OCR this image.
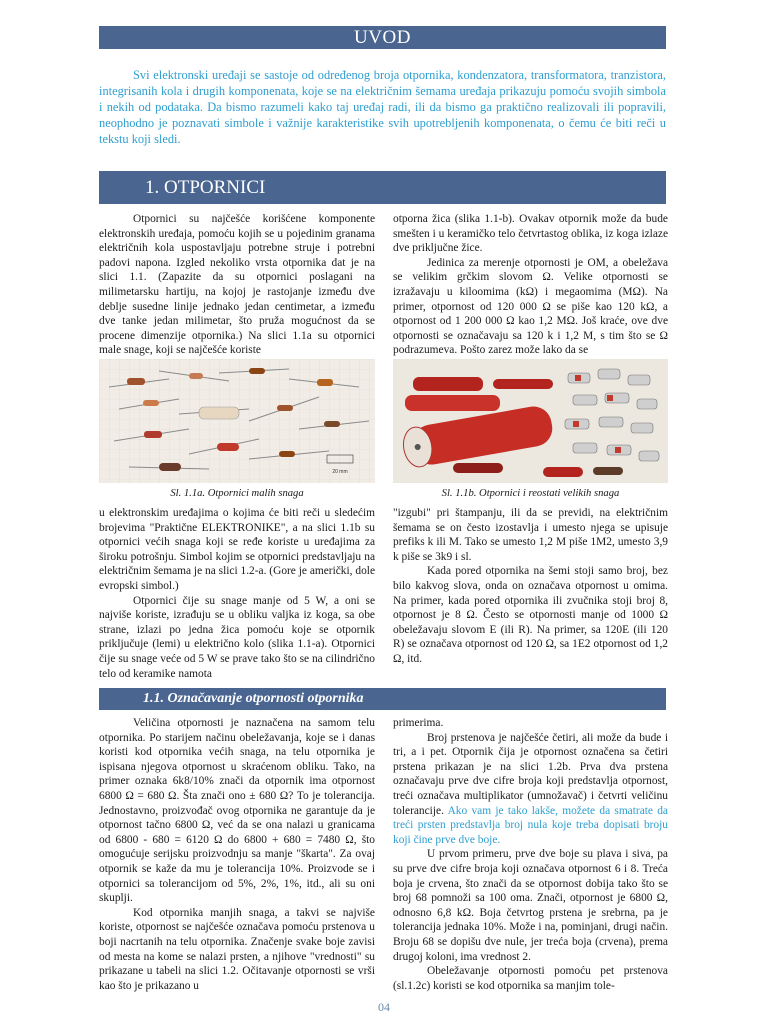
UVOD
Svi elektronski uređaji se sastoje od određenog broja otpornika, kondenzatora, transformatora, tranzistora, integrisanih kola i drugih komponenata, koje se na električnim šemama uređaja prikazuju pomoću svojih simbola i nekih od podataka. Da bismo razumeli kako taj uređaj radi, ili da bismo ga praktično realizovali ili popravili, neophodno je poznavati simbole i važnije karakteristike svih upotrebljenih komponenata, o čemu će biti reči u tekstu koji sledi.
1. OTPORNICI

Otpornici su najčešće korišćene komponente elektronskih uređaja, pomoću kojih se u pojedinim granama električnih kola uspostavljaju potrebne struje i potrebni padovi napona. Izgled nekoliko vrsta otpornika dat je na slici 1.1. (Zapazite da su otpornici poslagani na milimetarsku hartiju, na kojoj je rastojanje između dve deblje susedne linije jednako jedan centimetar, a između dve tanke jedan milimetar, što pruža mogućnost da se procene dimenzije otpornika.) Na slici 1.1a su otpornici male snage, koji se najčešće koriste

otporna žica (slika 1.1-b). Ovakav otpornik može da bude smešten i u keramičko telo četvrtastog oblika, iz koga izlaze dve priključne žice.

Jedinica za merenje otpornosti je OM, a obeležava se velikim grčkim slovom Ω. Velike otpornosti se izražavaju u kiloomima (kΩ) i megaomima (MΩ). Na primer, otpornost od 120 000 Ω se piše kao 120 kΩ, a otpornost od 1 200 000 Ω kao 1,2 MΩ. Još kraće, ove dve otpornosti se označavaju sa 120 k i 1,2 M, s tim što se Ω podrazumeva. Pošto zarez može lako da se

20 mm
Sl. 1.1a. Otpornici malih snaga	Sl. 1.1b. Otpornici i reostati velikih snaga

u elektronskim uređajima o kojima će biti reči u sledećim brojevima "Praktične ELEKTRONIKE", a na slici 1.1b su otpornici većih snaga koji se ređe koriste u uređajima za široku potrošnju. Simbol kojim se otpornici predstavljaju na električnim šemama je na slici 1.2-a. (Gore je američki, dole evropski simbol.)

Otpornici čije su snage manje od 5 W, a oni se najviše koriste, izrađuju se u obliku valjka iz koga, sa obe strane, izlazi po jedna žica pomoću koje se otpornik priključuje (lemi) u električno kolo (slika 1.1-a). Otpornici čije su snage veće od 5 W se prave tako što se na cilindrično telo od keramike namota

"izgubi" pri štampanju, ili da se previdi, na električnim šemama se on često izostavlja i umesto njega se upisuje prefiks k ili M. Tako se umesto 1,2 M piše 1M2, umesto 3,9 k piše se 3k9 i sl.

Kada pored otpornika na šemi stoji samo broj, bez bilo kakvog slova, onda on označava otpornost u omima. Na primer, kada pored otpornika ili zvučnika stoji broj 8, otpornost je 8 Ω. Često se otpornosti manje od 1000 Ω obeležavaju slovom E (ili R). Na primer, sa 120E (ili 120 R) se označava otpornost od 120 Ω, sa 1E2 otpornost od 1,2 Ω, itd.

1.1. Označavanje otpornosti otpornika

Veličina otpornosti je naznačena na samom telu otpornika. Po starijem načinu obeležavanja, koje se i danas koristi kod otpornika većih snaga, na telu otpornika je ispisana njegova otpornost u skraćenom obliku. Tako, na primer oznaka 6k8/10% znači da otpornik ima otpornost 6800 Ω = 680 Ω. Šta znači ono ± 680 Ω? To je tolerancija. Jednostavno, proizvođač ovog otpornika ne garantuje da je otpornost tačno 6800 Ω, već da se ona nalazi u granicama od 6800 - 680 = 6120 Ω do 6800 + 680 = 7480 Ω, što omogućuje serijsku proizvodnju sa manje "škarta". Za ovaj otpornik se kaže da mu je tolerancija 10%. Proizvode se i otpornici sa tolerancijom od 5%, 2%, 1%, itd., ali su oni skuplji.

Kod otpornika manjih snaga, a takvi se najviše koriste, otpornost se najčešće označava pomoću prstenova u boji nacrtanih na telu otpornika. Značenje svake boje zavisi od mesta na kome se nalazi prsten, a njihove "vrednosti" su prikazane u tabeli na slici 1.2. Očitavanje otpornosti se vrši kao što je prikazano u

primerima.

Broj prstenova je najčešće četiri, ali može da bude i tri, a i pet. Otpornik čija je otpornost označena sa četiri prstena prikazan je na slici 1.2b. Prva dva prstena označavaju prve dve cifre broja koji predstavlja otpornost, treći označava multiplikator (umnožavač) i četvrti veličinu tolerancije. Ako vam je tako lakše, možete da smatrate da treći prsten predstavlja broj nula koje treba dopisati broju koji čine prve dve boje.

U prvom primeru, prve dve boje su plava i siva, pa su prve dve cifre broja koji označava otpornost 6 i 8. Treća boja je crvena, što znači da se otpornost dobija tako što se broj 68 pomnoži sa 100 oma. Znači, otpornost je 6800 Ω, odnosno 6,8 kΩ. Boja četvrtog prstena je srebrna, pa je tolerancija jednaka 10%. Može i na, pominjani, drugi način. Broju 68 se dopišu dve nule, jer treća boja (crvena), prema drugoj koloni, ima vrednost 2.

Obeležavanje otpornosti pomoću pet prstenova (sl.1.2c) koristi se kod otpornika sa manjim tole-

04
